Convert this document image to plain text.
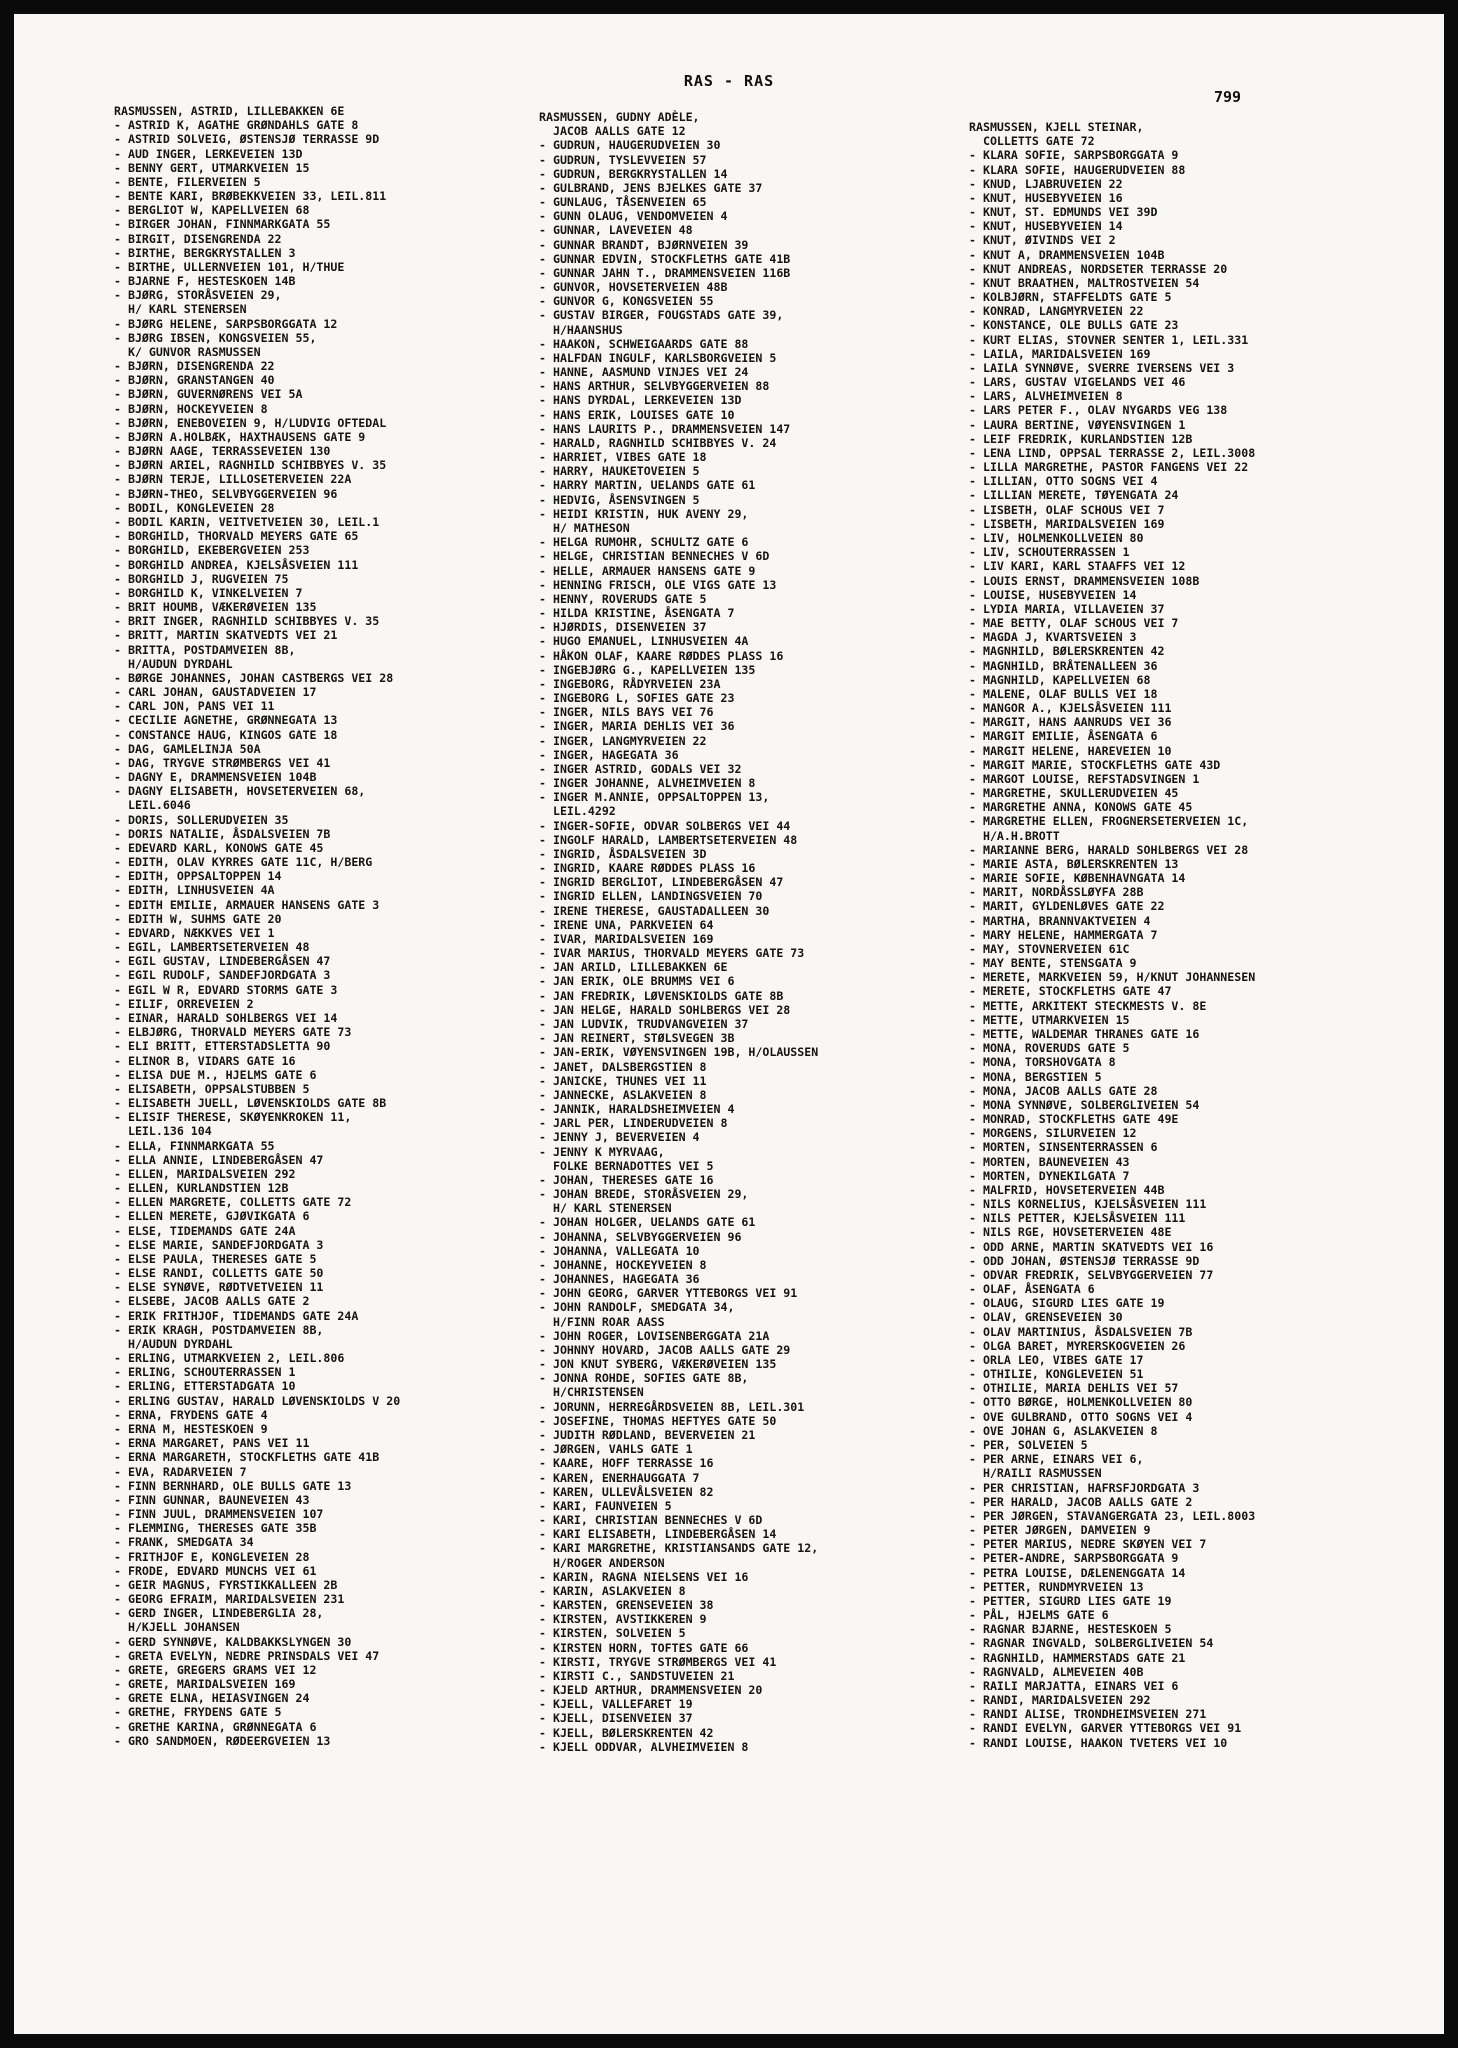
RAS - RAS
799
RASMUSSEN, ASTRID, LILLEBAKKEN 6E
- ASTRID K, AGATHE GRØNDAHLS GATE 8
- ASTRID SOLVEIG, ØSTENSJØ TERRASSE 9D
- AUD INGER, LERKEVEIEN 13D
- BENNY GERT, UTMARKVEIEN 15
- BENTE, FILERVEIEN 5
- BENTE KARI, BRØBEKKVEIEN 33, LEIL.811
- BERGLIOT W, KAPELLVEIEN 68
- BIRGER JOHAN, FINNMARKGATA 55
- BIRGIT, DISENGRENDA 22
- BIRTHE, BERGKRYSTALLEN 3
- BIRTHE, ULLERNVEIEN 101, H/THUE
- BJARNE F, HESTESKOEN 14B
- BJØRG, STORÅSVEIEN 29,
H/ KARL STENERSEN
- BJØRG HELENE, SARPSBORGGATA 12
- BJØRG IBSEN, KONGSVEIEN 55,
K/ GUNVOR RASMUSSEN
- BJØRN, DISENGRENDA 22
- BJØRN, GRANSTANGEN 40
- BJØRN, GUVERNØRENS VEI 5A
- BJØRN, HOCKEYVEIEN 8
- BJØRN, ENEBOVEIEN 9, H/LUDVIG OFTEDAL
- BJØRN A.HOLBÆK, HAXTHAUSENS GATE 9
- BJØRN AAGE, TERRASSEVEIEN 130
- BJØRN ARIEL, RAGNHILD SCHIBBYES V. 35
- BJØRN TERJE, LILLOSETERVEIEN 22A
- BJØRN-THEO, SELVBYGGERVEIEN 96
- BODIL, KONGLEVEIEN 28
- BODIL KARIN, VEITVETVEIEN 30, LEIL.1
- BORGHILD, THORVALD MEYERS GATE 65
- BORGHILD, EKEBERGVEIEN 253
- BORGHILD ANDREA, KJELSÅSVEIEN 111
- BORGHILD J, RUGVEIEN 75
- BORGHILD K, VINKELVEIEN 7
- BRIT HOUMB, VÆKERØVEIEN 135
- BRIT INGER, RAGNHILD SCHIBBYES V. 35
- BRITT, MARTIN SKATVEDTS VEI 21
- BRITTA, POSTDAMVEIEN 8B,
H/AUDUN DYRDAHL
- BØRGE JOHANNES, JOHAN CASTBERGS VEI 28
- CARL JOHAN, GAUSTADVEIEN 17
- CARL JON, PANS VEI 11
- CECILIE AGNETHE, GRØNNEGATA 13
- CONSTANCE HAUG, KINGOS GATE 18
- DAG, GAMLELINJA 50A
- DAG, TRYGVE STRØMBERGS VEI 41
- DAGNY E, DRAMMENSVEIEN 104B
- DAGNY ELISABETH, HOVSETERVEIEN 68,
LEIL.6046
- DORIS, SOLLERUDVEIEN 35
- DORIS NATALIE, ÅSDALSVEIEN 7B
- EDEVARD KARL, KONOWS GATE 45
- EDITH, OLAV KYRRES GATE 11C, H/BERG
- EDITH, OPPSALTOPPEN 14
- EDITH, LINHUSVEIEN 4A
- EDITH EMILIE, ARMAUER HANSENS GATE 3
- EDITH W, SUHMS GATE 20
- EDVARD, NÆKKVES VEI 1
- EGIL, LAMBERTSETERVEIEN 48
- EGIL GUSTAV, LINDEBERGÅSEN 47
- EGIL RUDOLF, SANDEFJORDGATA 3
- EGIL W R, EDVARD STORMS GATE 3
- EILIF, ORREVEIEN 2
- EINAR, HARALD SOHLBERGS VEI 14
- ELBJØRG, THORVALD MEYERS GATE 73
- ELI BRITT, ETTERSTADSLETTA 90
- ELINOR B, VIDARS GATE 16
- ELISA DUE M., HJELMS GATE 6
- ELISABETH, OPPSALSTUBBEN 5
- ELISABETH JUELL, LØVENSKIOLDS GATE 8B
- ELISIF THERESE, SKØYENKROKEN 11,
LEIL.136 104
- ELLA, FINNMARKGATA 55
- ELLA ANNIE, LINDEBERGÅSEN 47
- ELLEN, MARIDALSVEIEN 292
- ELLEN, KURLANDSTIEN 12B
- ELLEN MARGRETE, COLLETTS GATE 72
- ELLEN MERETE, GJØVIKGATA 6
- ELSE, TIDEMANDS GATE 24A
- ELSE MARIE, SANDEFJORDGATA 3
- ELSE PAULA, THERESES GATE 5
- ELSE RANDI, COLLETTS GATE 50
- ELSE SYNØVE, RØDTVETVEIEN 11
- ELSEBE, JACOB AALLS GATE 2
- ERIK FRITHJOF, TIDEMANDS GATE 24A
- ERIK KRAGH, POSTDAMVEIEN 8B,
H/AUDUN DYRDAHL
- ERLING, UTMARKVEIEN 2, LEIL.806
- ERLING, SCHOUTERRASSEN 1
- ERLING, ETTERSTADGATA 10
- ERLING GUSTAV, HARALD LØVENSKIOLDS V 20
- ERNA, FRYDENS GATE 4
- ERNA M, HESTESKOEN 9
- ERNA MARGARET, PANS VEI 11
- ERNA MARGARETH, STOCKFLETHS GATE 41B
- EVA, RADARVEIEN 7
- FINN BERNHARD, OLE BULLS GATE 13
- FINN GUNNAR, BAUNEVEIEN 43
- FINN JUUL, DRAMMENSVEIEN 107
- FLEMMING, THERESES GATE 35B
- FRANK, SMEDGATA 34
- FRITHJOF E, KONGLEVEIEN 28
- FRODE, EDVARD MUNCHS VEI 61
- GEIR MAGNUS, FYRSTIKKALLEEN 2B
- GEORG EFRAIM, MARIDALSVEIEN 231
- GERD INGER, LINDEBERGLIA 28,
H/KJELL JOHANSEN
- GERD SYNNØVE, KALDBAKKSLYNGEN 30
- GRETA EVELYN, NEDRE PRINSDALS VEI 47
- GRETE, GREGERS GRAMS VEI 12
- GRETE, MARIDALSVEIEN 169
- GRETE ELNA, HEIASVINGEN 24
- GRETHE, FRYDENS GATE 5
- GRETHE KARINA, GRØNNEGATA 6
- GRO SANDMOEN, RØDEERGVEIEN 13
RASMUSSEN, GUDNY ADÈLE,
JACOB AALLS GATE 12
- GUDRUN, HAUGERUDVEIEN 30
- GUDRUN, TYSLEVVEIEN 57
- GUDRUN, BERGKRYSTALLEN 14
- GULBRAND, JENS BJELKES GATE 37
- GUNLAUG, TÅSENVEIEN 65
- GUNN OLAUG, VENDOMVEIEN 4
- GUNNAR, LAVEVEIEN 48
- GUNNAR BRANDT, BJØRNVEIEN 39
- GUNNAR EDVIN, STOCKFLETHS GATE 41B
- GUNNAR JAHN T., DRAMMENSVEIEN 116B
- GUNVOR, HOVSETERVEIEN 48B
- GUNVOR G, KONGSVEIEN 55
- GUSTAV BIRGER, FOUGSTADS GATE 39,
H/HAANSHUS
- HAAKON, SCHWEIGAARDS GATE 88
- HALFDAN INGULF, KARLSBORGVEIEN 5
- HANNE, AASMUND VINJES VEI 24
- HANS ARTHUR, SELVBYGGERVEIEN 88
- HANS DYRDAL, LERKEVEIEN 13D
- HANS ERIK, LOUISES GATE 10
- HANS LAURITS P., DRAMMENSVEIEN 147
- HARALD, RAGNHILD SCHIBBYES V. 24
- HARRIET, VIBES GATE 18
- HARRY, HAUKETOVEIEN 5
- HARRY MARTIN, UELANDS GATE 61
- HEDVIG, ÅSENSVINGEN 5
- HEIDI KRISTIN, HUK AVENY 29,
H/ MATHESON
- HELGA RUMOHR, SCHULTZ GATE 6
- HELGE, CHRISTIAN BENNECHES V 6D
- HELLE, ARMAUER HANSENS GATE 9
- HENNING FRISCH, OLE VIGS GATE 13
- HENNY, ROVERUDS GATE 5
- HILDA KRISTINE, ÅSENGATA 7
- HJØRDIS, DISENVEIEN 37
- HUGO EMANUEL, LINHUSVEIEN 4A
- HÅKON OLAF, KAARE RØDDES PLASS 16
- INGEBJØRG G., KAPELLVEIEN 135
- INGEBORG, RÅDYRVEIEN 23A
- INGEBORG L, SOFIES GATE 23
- INGER, NILS BAYS VEI 76
- INGER, MARIA DEHLIS VEI 36
- INGER, LANGMYRVEIEN 22
- INGER, HAGEGATA 36
- INGER ASTRID, GODALS VEI 32
- INGER JOHANNE, ALVHEIMVEIEN 8
- INGER M.ANNIE, OPPSALTOPPEN 13,
LEIL.4292
- INGER-SOFIE, ODVAR SOLBERGS VEI 44
- INGOLF HARALD, LAMBERTSETERVEIEN 48
- INGRID, ÅSDALSVEIEN 3D
- INGRID, KAARE RØDDES PLASS 16
- INGRID BERGLIOT, LINDEBERGÅSEN 47
- INGRID ELLEN, LANDINGSVEIEN 70
- IRENE THERESE, GAUSTADALLEEN 30
- IRENE UNA, PARKVEIEN 64
- IVAR, MARIDALSVEIEN 169
- IVAR MARIUS, THORVALD MEYERS GATE 73
- JAN ARILD, LILLEBAKKEN 6E
- JAN ERIK, OLE BRUMMS VEI 6
- JAN FREDRIK, LØVENSKIOLDS GATE 8B
- JAN HELGE, HARALD SOHLBERGS VEI 28
- JAN LUDVIK, TRUDVANGVEIEN 37
- JAN REINERT, STØLSVEGEN 3B
- JAN-ERIK, VØYENSVINGEN 19B, H/OLAUSSEN
- JANET, DALSBERGSTIEN 8
- JANICKE, THUNES VEI 11
- JANNECKE, ASLAKVEIEN 8
- JANNIK, HARALDSHEIMVEIEN 4
- JARL PER, LINDERUDVEIEN 8
- JENNY J, BEVERVEIEN 4
- JENNY K MYRVAAG,
FOLKE BERNADOTTES VEI 5
- JOHAN, THERESES GATE 16
- JOHAN BREDE, STORÅSVEIEN 29,
H/ KARL STENERSEN
- JOHAN HOLGER, UELANDS GATE 61
- JOHANNA, SELVBYGGERVEIEN 96
- JOHANNA, VALLEGATA 10
- JOHANNE, HOCKEYVEIEN 8
- JOHANNES, HAGEGATA 36
- JOHN GEORG, GARVER YTTEBORGS VEI 91
- JOHN RANDOLF, SMEDGATA 34,
H/FINN ROAR AASS
- JOHN ROGER, LOVISENBERGGATA 21A
- JOHNNY HOVARD, JACOB AALLS GATE 29
- JON KNUT SYBERG, VÆKERØVEIEN 135
- JONNA ROHDE, SOFIES GATE 8B,
H/CHRISTENSEN
- JORUNN, HERREGÅRDSVEIEN 8B, LEIL.301
- JOSEFINE, THOMAS HEFTYES GATE 50
- JUDITH RØDLAND, BEVERVEIEN 21
- JØRGEN, VAHLS GATE 1
- KAARE, HOFF TERRASSE 16
- KAREN, ENERHAUGGATA 7
- KAREN, ULLEVÅLSVEIEN 82
- KARI, FAUNVEIEN 5
- KARI, CHRISTIAN BENNECHES V 6D
- KARI ELISABETH, LINDEBERGÅSEN 14
- KARI MARGRETHE, KRISTIANSANDS GATE 12,
H/ROGER ANDERSON
- KARIN, RAGNA NIELSENS VEI 16
- KARIN, ASLAKVEIEN 8
- KARSTEN, GRENSEVEIEN 38
- KIRSTEN, AVSTIKKEREN 9
- KIRSTEN, SOLVEIEN 5
- KIRSTEN HORN, TOFTES GATE 66
- KIRSTI, TRYGVE STRØMBERGS VEI 41
- KIRSTI C., SANDSTUVEIEN 21
- KJELD ARTHUR, DRAMMENSVEIEN 20
- KJELL, VALLEFARET 19
- KJELL, DISENVEIEN 37
- KJELL, BØLERSKRENTEN 42
- KJELL ODDVAR, ALVHEIMVEIEN 8
RASMUSSEN, KJELL STEINAR,
COLLETTS GATE 72
- KLARA SOFIE, SARPSBORGGATA 9
- KLARA SOFIE, HAUGERUDVEIEN 88
- KNUD, LJABRUVEIEN 22
- KNUT, HUSEBYVEIEN 16
- KNUT, ST. EDMUNDS VEI 39D
- KNUT, HUSEBYVEIEN 14
- KNUT, ØIVINDS VEI 2
- KNUT A, DRAMMENSVEIEN 104B
- KNUT ANDREAS, NORDSETER TERRASSE 20
- KNUT BRAATHEN, MALTROSTVEIEN 54
- KOLBJØRN, STAFFELDTS GATE 5
- KONRAD, LANGMYRVEIEN 22
- KONSTANCE, OLE BULLS GATE 23
- KURT ELIAS, STOVNER SENTER 1, LEIL.331
- LAILA, MARIDALSVEIEN 169
- LAILA SYNNØVE, SVERRE IVERSENS VEI 3
- LARS, GUSTAV VIGELANDS VEI 46
- LARS, ALVHEIMVEIEN 8
- LARS PETER F., OLAV NYGARDS VEG 138
- LAURA BERTINE, VØYENSVINGEN 1
- LEIF FREDRIK, KURLANDSTIEN 12B
- LENA LIND, OPPSAL TERRASSE 2, LEIL.3008
- LILLA MARGRETHE, PASTOR FANGENS VEI 22
- LILLIAN, OTTO SOGNS VEI 4
- LILLIAN MERETE, TØYENGATA 24
- LISBETH, OLAF SCHOUS VEI 7
- LISBETH, MARIDALSVEIEN 169
- LIV, HOLMENKOLLVEIEN 80
- LIV, SCHOUTERRASSEN 1
- LIV KARI, KARL STAAFFS VEI 12
- LOUIS ERNST, DRAMMENSVEIEN 108B
- LOUISE, HUSEBYVEIEN 14
- LYDIA MARIA, VILLAVEIEN 37
- MAE BETTY, OLAF SCHOUS VEI 7
- MAGDA J, KVARTSVEIEN 3
- MAGNHILD, BØLERSKRENTEN 42
- MAGNHILD, BRÅTENALLEEN 36
- MAGNHILD, KAPELLVEIEN 68
- MALENE, OLAF BULLS VEI 18
- MANGOR A., KJELSÅSVEIEN 111
- MARGIT, HANS AANRUDS VEI 36
- MARGIT EMILIE, ÅSENGATA 6
- MARGIT HELENE, HAREVEIEN 10
- MARGIT MARIE, STOCKFLETHS GATE 43D
- MARGOT LOUISE, REFSTADSVINGEN 1
- MARGRETHE, SKULLERUDVEIEN 45
- MARGRETHE ANNA, KONOWS GATE 45
- MARGRETHE ELLEN, FROGNERSETERVEIEN 1C,
H/A.H.BROTT
- MARIANNE BERG, HARALD SOHLBERGS VEI 28
- MARIE ASTA, BØLERSKRENTEN 13
- MARIE SOFIE, KØBENHAVNGATA 14
- MARIT, NORDÅSSLØYFA 28B
- MARIT, GYLDENLØVES GATE 22
- MARTHA, BRANNVAKTVEIEN 4
- MARY HELENE, HAMMERGATA 7
- MAY, STOVNERVEIEN 61C
- MAY BENTE, STENSGATA 9
- MERETE, MARKVEIEN 59, H/KNUT JOHANNESEN
- MERETE, STOCKFLETHS GATE 47
- METTE, ARKITEKT STECKMESTS V. 8E
- METTE, UTMARKVEIEN 15
- METTE, WALDEMAR THRANES GATE 16
- MONA, ROVERUDS GATE 5
- MONA, TORSHOVGATA 8
- MONA, BERGSTIEN 5
- MONA, JACOB AALLS GATE 28
- MONA SYNNØVE, SOLBERGLIVEIEN 54
- MONRAD, STOCKFLETHS GATE 49E
- MORGENS, SILURVEIEN 12
- MORTEN, SINSENTERRASSEN 6
- MORTEN, BAUNEVEIEN 43
- MORTEN, DYNEKILGATA 7
- MALFRID, HOVSETERVEIEN 44B
- NILS KORNELIUS, KJELSÅSVEIEN 111
- NILS PETTER, KJELSÅSVEIEN 111
- NILS RGE, HOVSETERVEIEN 48E
- ODD ARNE, MARTIN SKATVEDTS VEI 16
- ODD JOHAN, ØSTENSJØ TERRASSE 9D
- ODVAR FREDRIK, SELVBYGGERVEIEN 77
- OLAF, ÅSENGATA 6
- OLAUG, SIGURD LIES GATE 19
- OLAV, GRENSEVEIEN 30
- OLAV MARTINIUS, ÅSDALSVEIEN 7B
- OLGA BARET, MYRERSKOGVEIEN 26
- ORLA LEO, VIBES GATE 17
- OTHILIE, KONGLEVEIEN 51
- OTHILIE, MARIA DEHLIS VEI 57
- OTTO BØRGE, HOLMENKOLLVEIEN 80
- OVE GULBRAND, OTTO SOGNS VEI 4
- OVE JOHAN G, ASLAKVEIEN 8
- PER, SOLVEIEN 5
- PER ARNE, EINARS VEI 6,
H/RAILI RASMUSSEN
- PER CHRISTIAN, HAFRSFJORDGATA 3
- PER HARALD, JACOB AALLS GATE 2
- PER JØRGEN, STAVANGERGATA 23, LEIL.8003
- PETER JØRGEN, DAMVEIEN 9
- PETER MARIUS, NEDRE SKØYEN VEI 7
- PETER-ANDRE, SARPSBORGGATA 9
- PETRA LOUISE, DÆLENENGGATA 14
- PETTER, RUNDMYRVEIEN 13
- PETTER, SIGURD LIES GATE 19
- PÅL, HJELMS GATE 6
- RAGNAR BJARNE, HESTESKOEN 5
- RAGNAR INGVALD, SOLBERGLIVEIEN 54
- RAGNHILD, HAMMERSTADS GATE 21
- RAGNVALD, ALMEVEIEN 40B
- RAILI MARJATTA, EINARS VEI 6
- RANDI, MARIDALSVEIEN 292
- RANDI ALISE, TRONDHEIMSVEIEN 271
- RANDI EVELYN, GARVER YTTEBORGS VEI 91
- RANDI LOUISE, HAAKON TVETERS VEI 10
